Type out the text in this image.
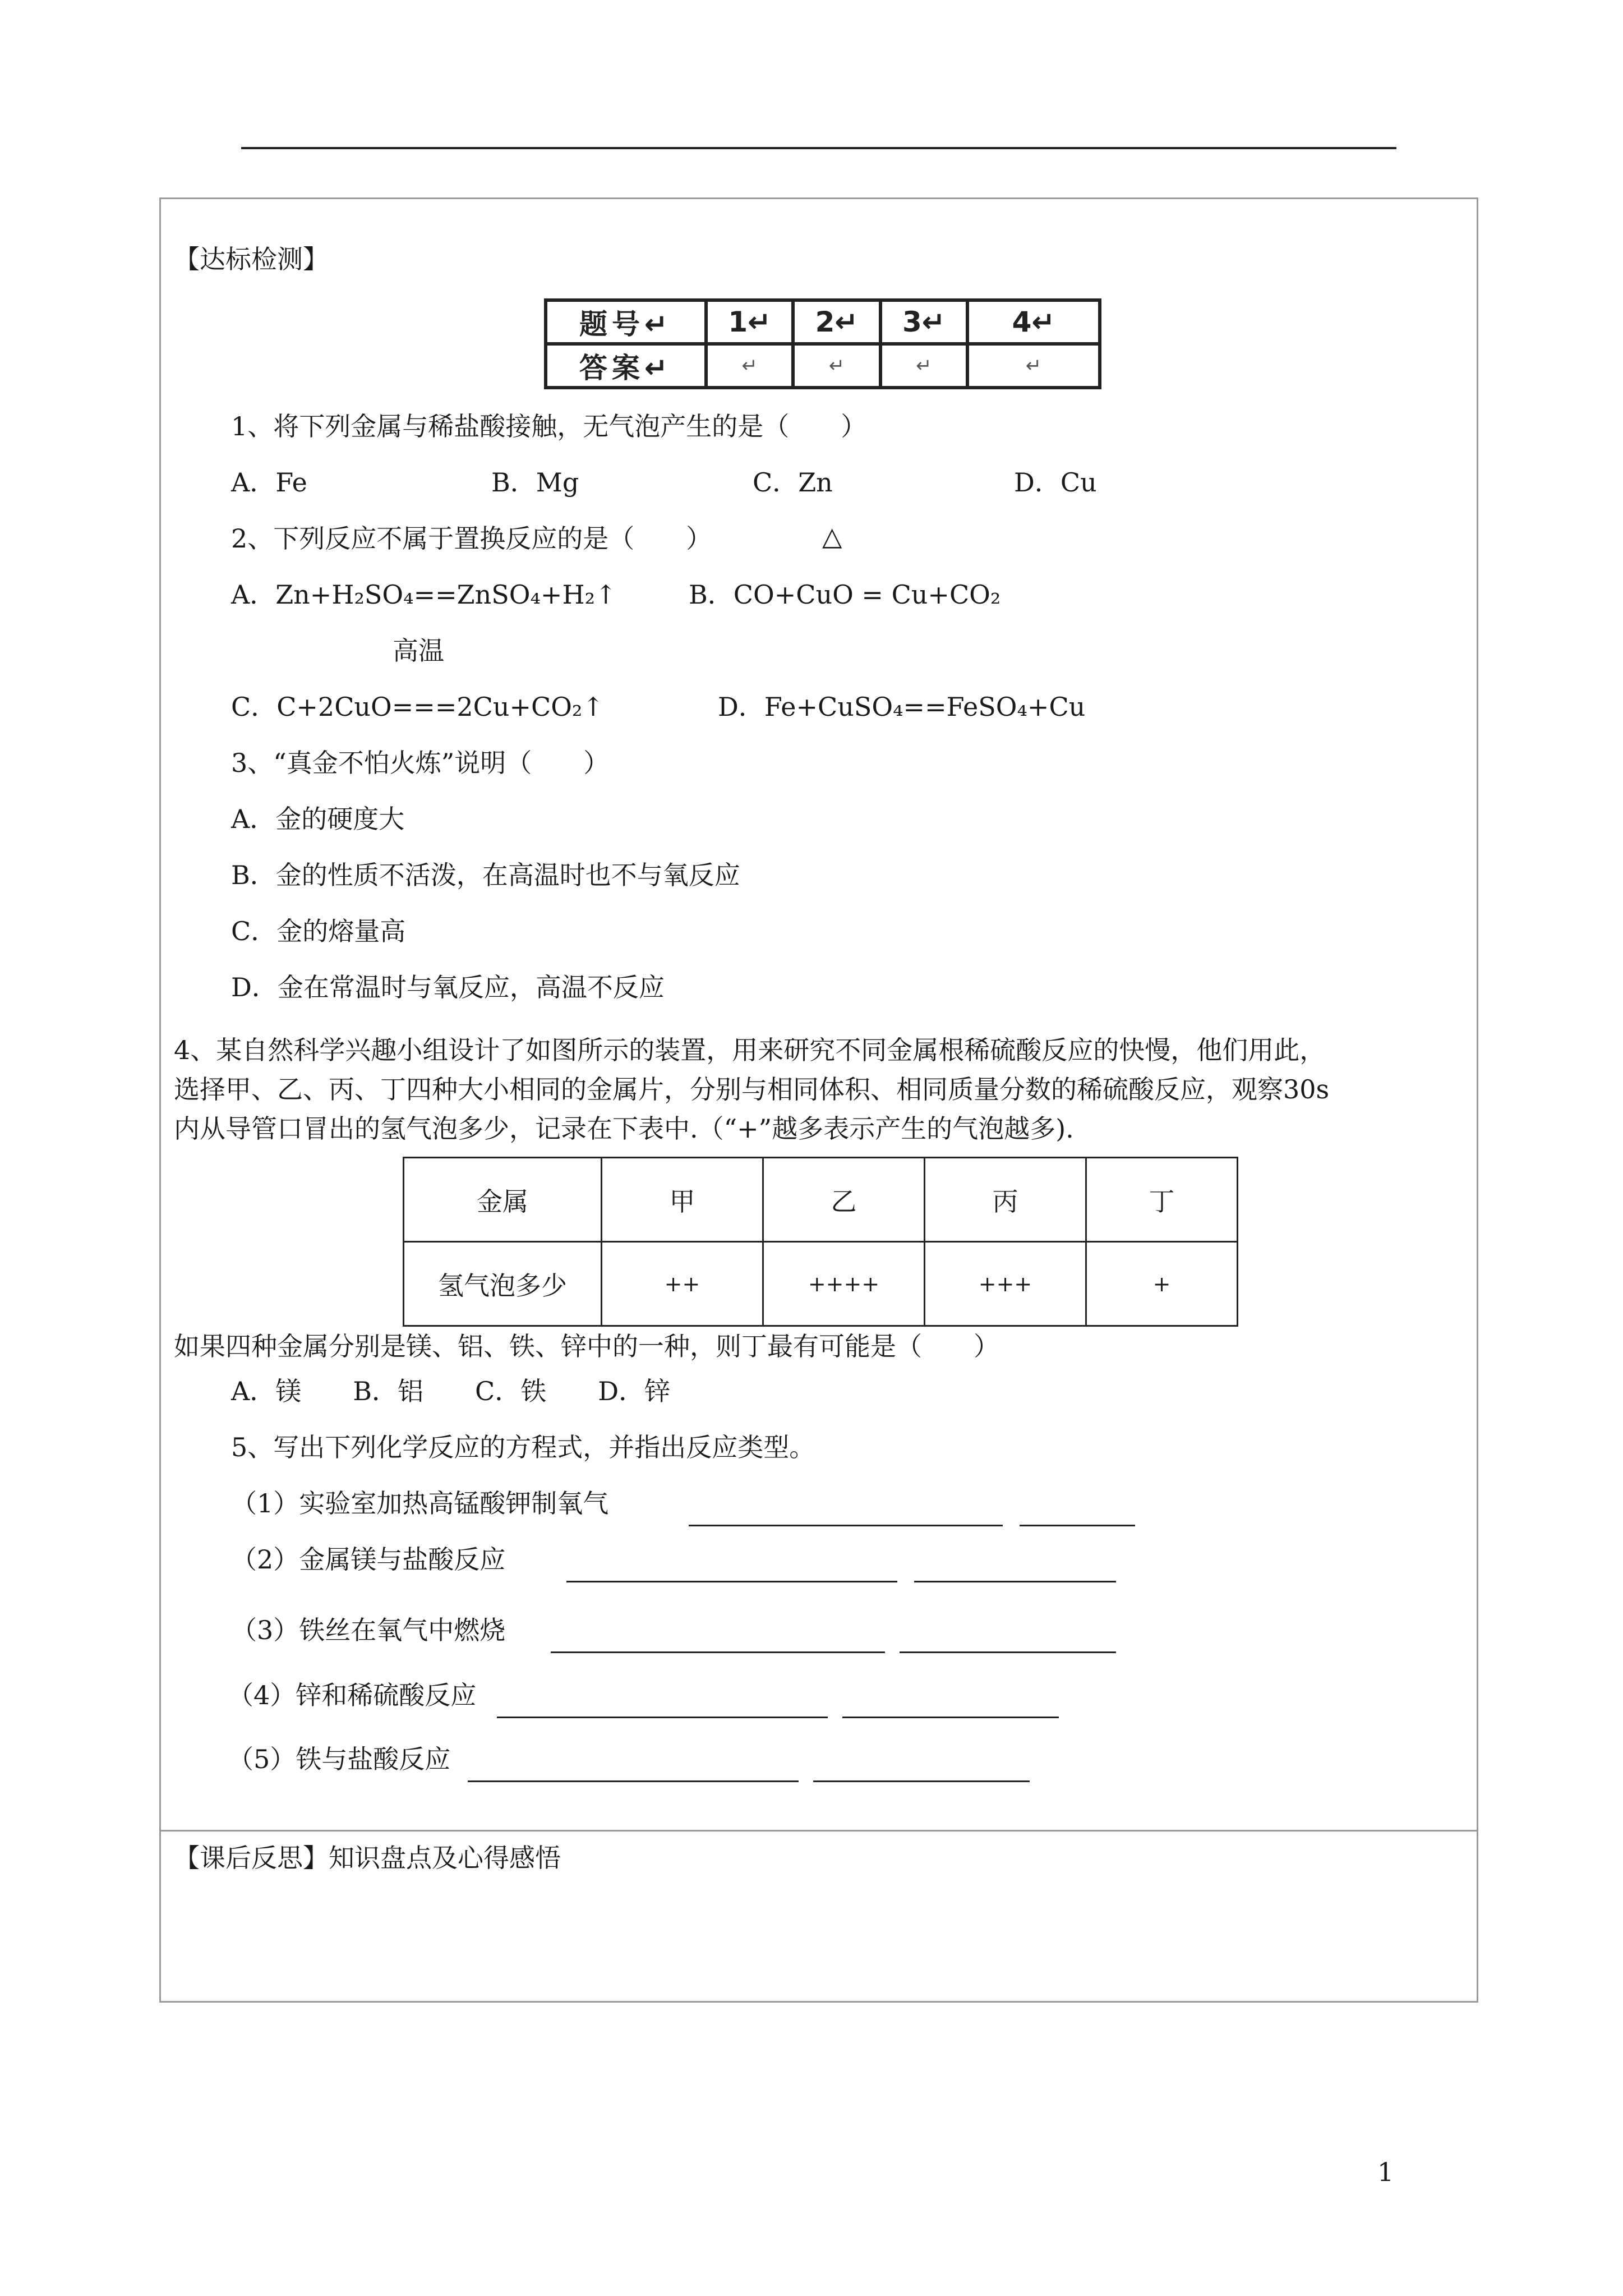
【达标检测】
题号↵	1↵	2↵	3↵	4↵
答案↵	↵	↵	↵	↵
1、将下列金属与稀盐酸接触，无气泡产生的是（　　）
A．Fe	B．Mg	C．Zn	D．Cu
2、下列反应不属于置换反应的是（　　）	△
A．Zn+H₂SO₄==ZnSO₄+H₂↑	B．CO+CuO = Cu+CO₂
高温
C．C+2CuO===2Cu+CO₂↑	D．Fe+CuSO₄==FeSO₄+Cu
3、“真金不怕火炼”说明（　　）
A．金的硬度大
B．金的性质不活泼，在高温时也不与氧反应
C．金的熔量高
D．金在常温时与氧反应，高温不反应
4、某自然科学兴趣小组设计了如图所示的装置，用来研究不同金属根稀硫酸反应的快慢，他们用此，
选择甲、乙、丙、丁四种大小相同的金属片，分别与相同体积、相同质量分数的稀硫酸反应，观察30s
内从导管口冒出的氢气泡多少，记录在下表中.（“+”越多表示产生的气泡越多).
金属	甲	乙	丙	丁
氢气泡多少	++	++++	+++	+
如果四种金属分别是镁、铝、铁、锌中的一种，则丁最有可能是（　　）
A．镁　　B．铝　　C．铁　　D．锌
5、写出下列化学反应的方程式，并指出反应类型。
（1）实验室加热高锰酸钾制氧气
（2）金属镁与盐酸反应
（3）铁丝在氧气中燃烧
（4）锌和稀硫酸反应
（5）铁与盐酸反应
【课后反思】知识盘点及心得感悟
1
